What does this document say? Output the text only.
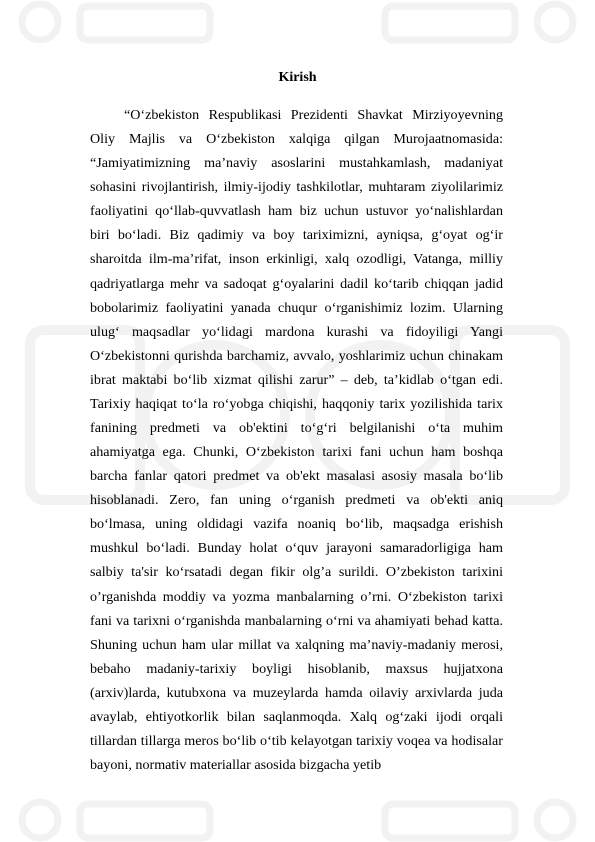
Kirish

“O‘zbekiston Respublikasi Prezidenti Shavkat Mirziyoyevning Oliy Majlis va O‘zbekiston xalqiga qilgan Murojaatnomasida: “Jamiyatimizning ma’naviy asoslarini mustahkamlash, madaniyat sohasini rivojlantirish, ilmiy-ijodiy tashkilotlar, muhtaram ziyolilarimiz faoliyatini qo‘llab-quvvatlash ham biz uchun ustuvor yo‘nalishlardan biri bo‘ladi. Biz qadimiy va boy tariximizni, ayniqsa, g‘oyat og‘ir sharoitda ilm-ma’rifat, inson erkinligi, xalq ozodligi, Vatanga, milliy qadriyatlarga mehr va sadoqat g‘oyalarini dadil ko‘tarib chiqqan jadid bobolarimiz faoliyatini yanada chuqur o‘rganishimiz lozim. Ularning ulug‘ maqsadlar yo‘lidagi mardona kurashi va fidoyiligi Yangi O‘zbekistonni qurishda barchamiz, avvalo, yoshlarimiz uchun chinakam ibrat maktabi bo‘lib xizmat qilishi zarur” – deb, ta’kidlab o‘tgan edi. Tarixiy haqiqat to‘la ro‘yobga chiqishi, haqqoniy tarix yozilishida tarix fanining predmeti va ob'ektini to‘g‘ri belgilanishi o‘ta muhim ahamiyatga ega. Chunki, O‘zbekiston tarixi fani uchun ham boshqa barcha fanlar qatori predmet va ob'ekt masalasi asosiy masala bo‘lib hisoblanadi. Zero, fan uning o‘rganish predmeti va ob'ekti aniq bo‘lmasa, uning oldidagi vazifa noaniq bo‘lib, maqsadga erishish mushkul bo‘ladi. Bunday holat o‘quv jarayoni samaradorligiga ham salbiy ta'sir ko‘rsatadi degan fikir olg’a surildi. O’zbekiston tarixini o’rganishda moddiy va yozma manbalarning o’rni. O‘zbekiston tarixi fani va tarixni o‘rganishda manbalarning o‘rni va ahamiyati behad katta. Shuning uchun ham ular millat va xalqning ma’naviy-madaniy merosi, bebaho madaniy-tarixiy boyligi hisoblanib, maxsus hujjatxona (arxiv)larda, kutubxona va muzeylarda hamda oilaviy arxivlarda juda avaylab, ehtiyotkorlik bilan saqlanmoqda. Xalq og‘zaki ijodi orqali tillardan tillarga meros bo‘lib o‘tib kelayotgan tarixiy voqea va hodisalar bayoni, normativ materiallar asosida bizgacha yetib
